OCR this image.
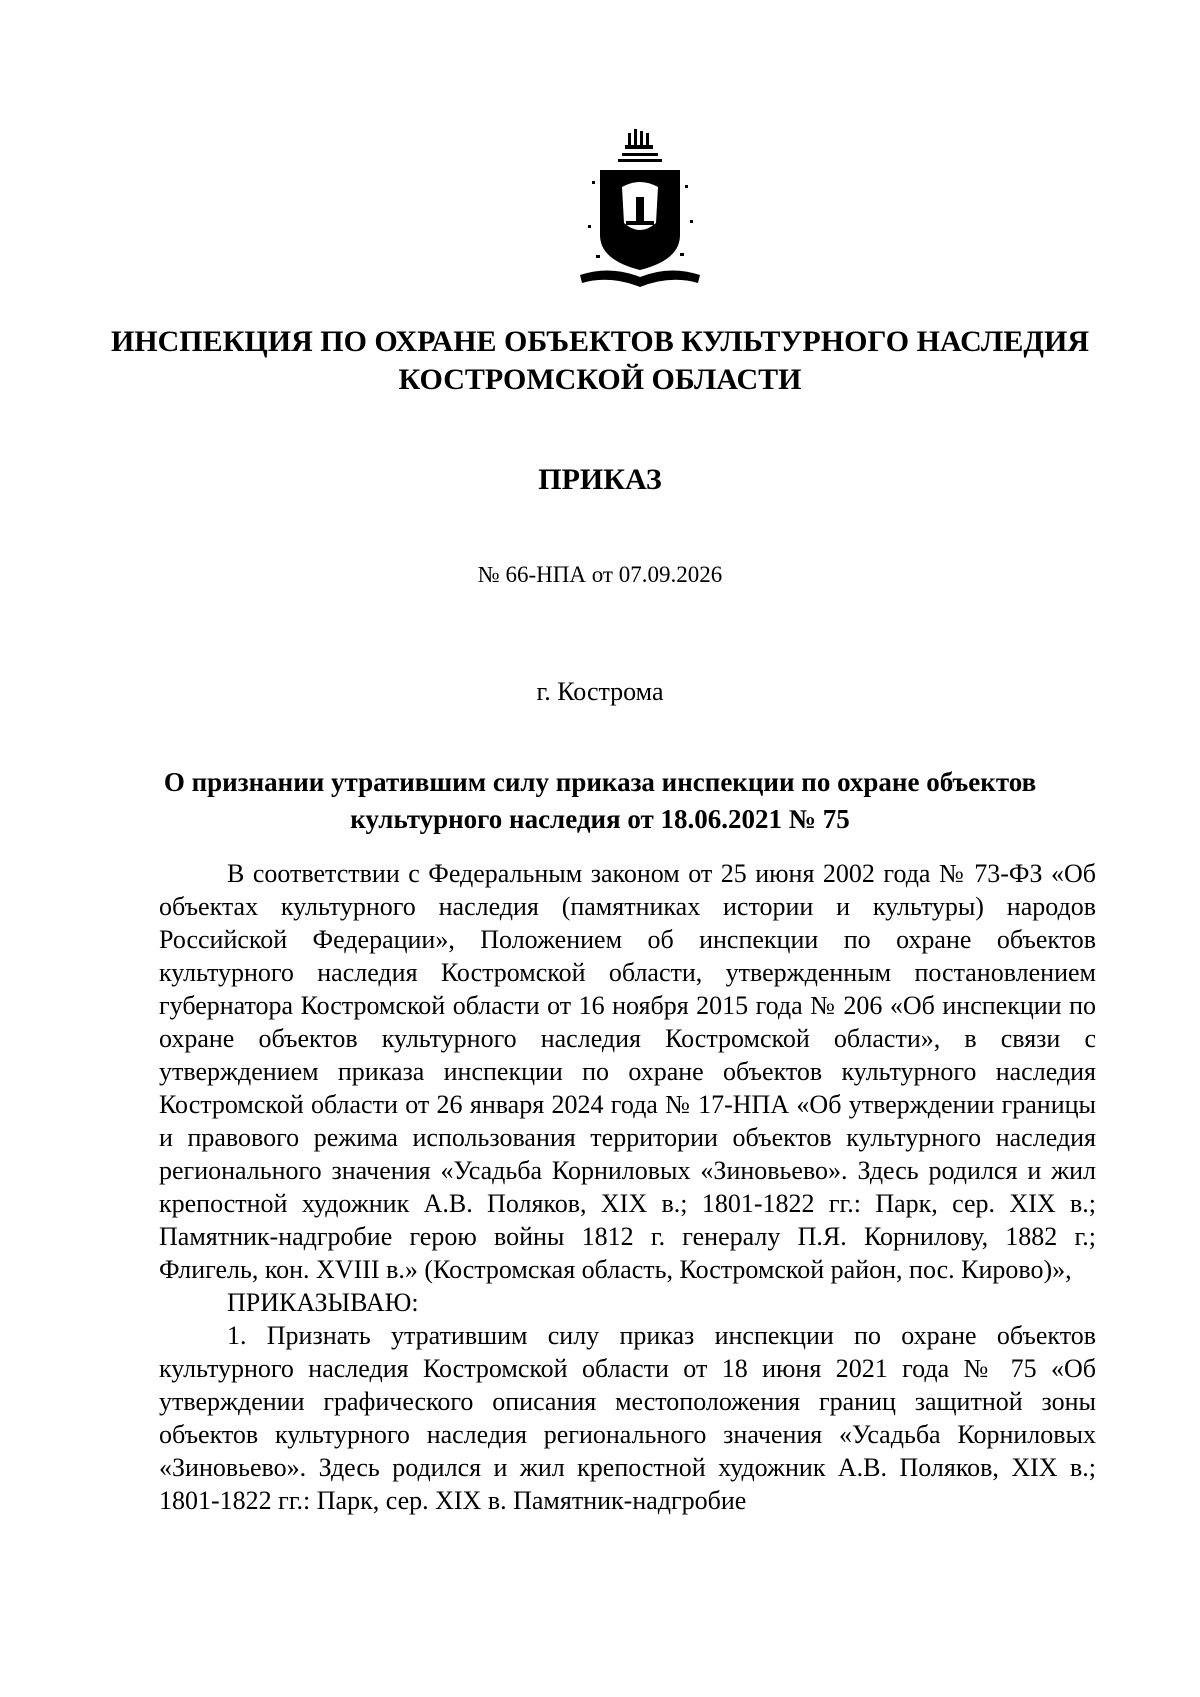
ИНСПЕКЦИЯ ПО ОХРАНЕ ОБЪЕКТОВ КУЛЬТУРНОГО НАСЛЕДИЯ
КОСТРОМСКОЙ ОБЛАСТИ
ПРИКАЗ
№ 66-НПА от 07.09.2026
г. Кострома
О признании утратившим силу приказа инспекции по охране объектов
культурного наследия от 18.06.2021 № 75

В соответствии с Федеральным законом от 25 июня 2002 года № 73-ФЗ «Об объектах культурного наследия (памятниках истории и культуры) народов Российской Федерации», Положением об инспекции по охране объектов культурного наследия Костромской области, утвержденным постановлением губернатора Костромской области от 16 ноября 2015 года № 206 «Об инспекции по охране объектов культурного наследия Костромской области», в связи с утверждением приказа инспекции по охране объектов культурного наследия Костромской области от 26 января 2024 года № 17-НПА «Об утверждении границы и правового режима использования территории объектов культурного наследия регионального значения «Усадьба Корниловых «Зиновьево». Здесь родился и жил крепостной художник А.В. Поляков, XIX в.; 1801-1822 гг.: Парк, сер. XIX в.; Памятник-надгробие герою войны 1812 г. генералу П.Я. Корнилову, 1882 г.; Флигель, кон. XVIII в.» (Костромская область, Костромской район, пос. Кирово)»,

ПРИКАЗЫВАЮ:

1. Признать утратившим силу приказ инспекции по охране объектов культурного наследия Костромской области от 18 июня 2021 года № 75 «Об утверждении графического описания местоположения границ защитной зоны объектов культурного наследия регионального значения «Усадьба Корниловых «Зиновьево». Здесь родился и жил крепостной художник А.В. Поляков, XIX в.; 1801-1822 гг.: Парк, сер. XIX в. Памятник-надгробие
